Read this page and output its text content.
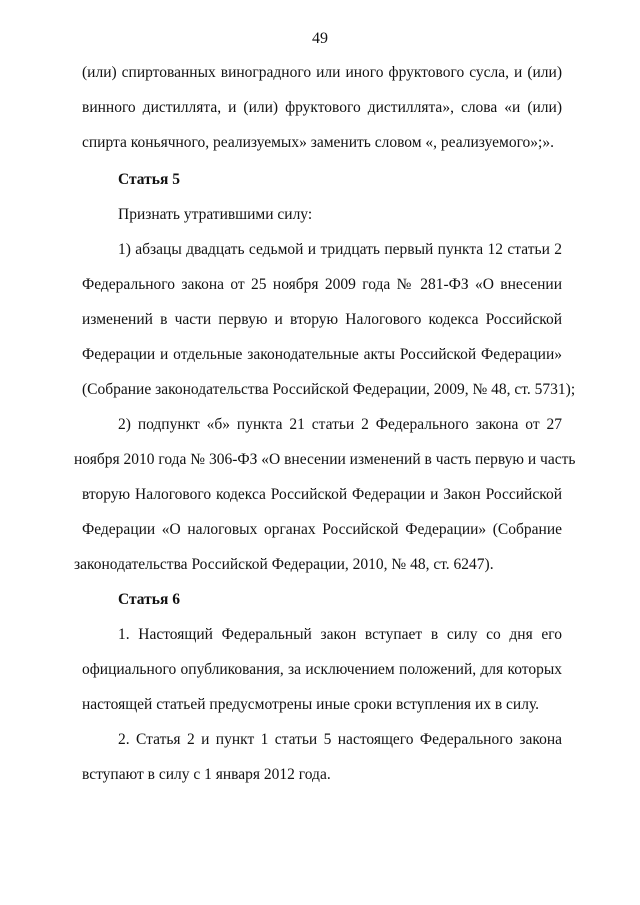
49
(или) спиртованных виноградного или иного фруктового сусла, и (или)
винного дистиллята, и (или) фруктового дистиллята», слова «и (или)
спирта коньячного, реализуемых» заменить словом «, реализуемого»;».
Статья 5
Признать утратившими силу:
1) абзацы двадцать седьмой и тридцать первый пункта 12 статьи 2
Федерального закона от 25 ноября 2009 года № 281-ФЗ «О внесении
изменений в части первую и вторую Налогового кодекса Российской
Федерации и отдельные законодательные акты Российской Федерации»
(Собрание законодательства Российской Федерации, 2009, № 48, ст. 5731);
2) подпункт «б» пункта 21 статьи 2 Федерального закона от 27
ноября 2010 года № 306-ФЗ «О внесении изменений в часть первую и часть
вторую Налогового кодекса Российской Федерации и Закон Российской
Федерации «О налоговых органах Российской Федерации» (Собрание
законодательства Российской Федерации, 2010, № 48, ст. 6247).
Статья 6
1. Настоящий Федеральный закон вступает в силу со дня его
официального опубликования, за исключением положений, для которых
настоящей статьей предусмотрены иные сроки вступления их в силу.
2. Статья 2 и пункт 1 статьи 5 настоящего Федерального закона
вступают в силу с 1 января 2012 года.
